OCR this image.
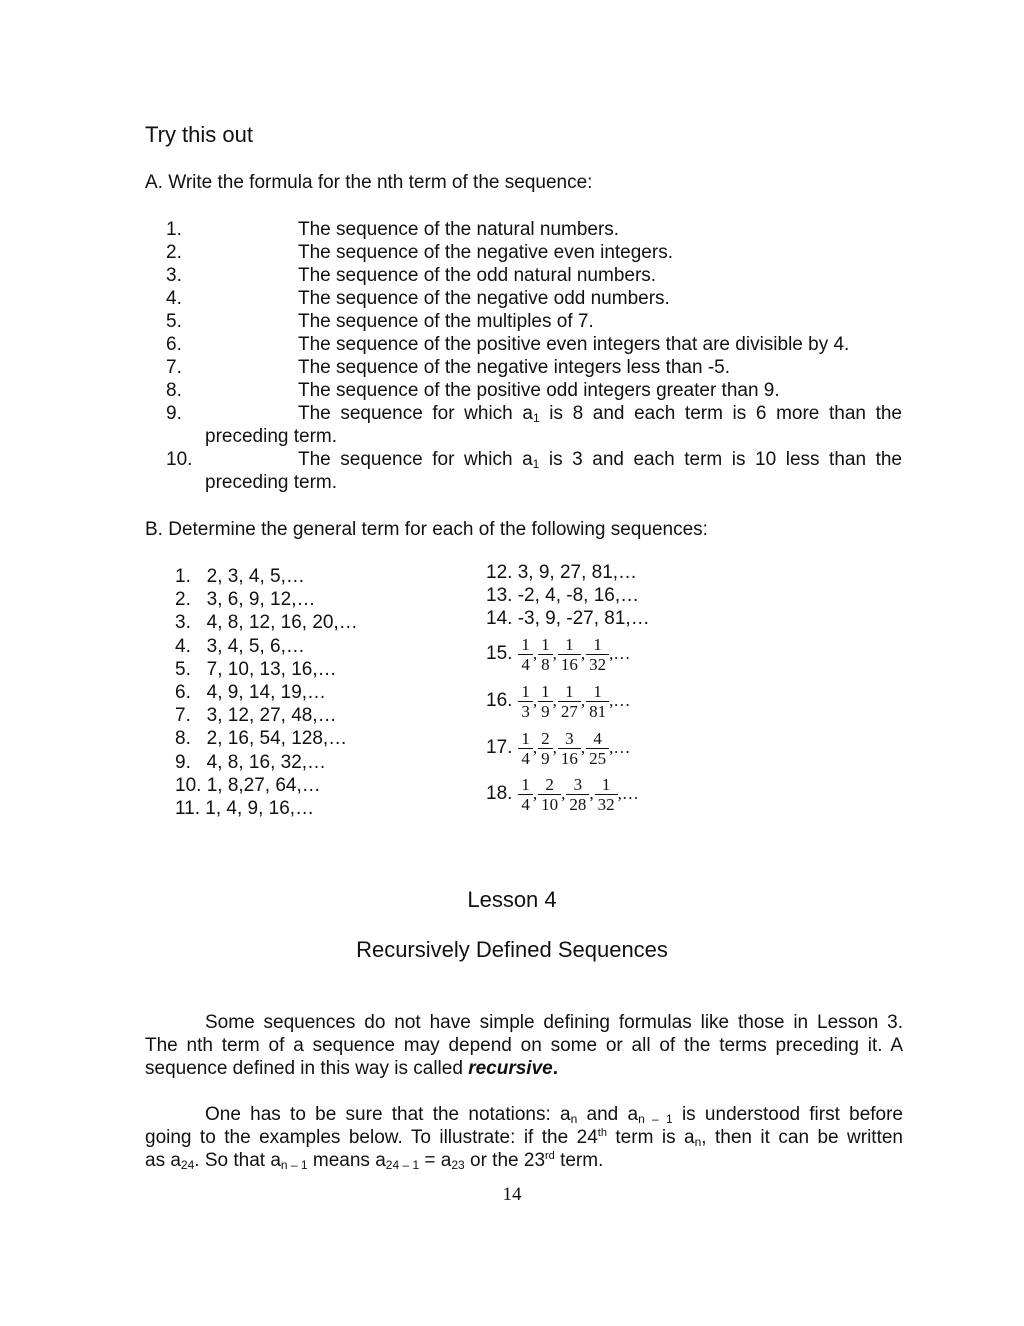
Try this out
A. Write the formula for the nth term of the sequence:
1.	The sequence of the natural numbers.
2.	The sequence of the negative even integers.
3.	The sequence of the odd natural numbers.
4.	The sequence of the negative odd numbers.
5.	The sequence of the multiples of 7.
6.	The sequence of the positive even integers that are divisible by 4.
7.	The sequence of the negative integers less than -5.
8.	The sequence of the positive odd integers greater than 9.
9.	The sequence for which $a_1$ is 8 and each term is 6 more than the
preceding term.
10.	The sequence for which $a_1$ is 3 and each term is 10 less than the
preceding term.
B. Determine the general term for each of the following sequences:
1.   2, 3, 4, 5,…
2.   3, 6, 9, 12,…
3.   4, 8, 12, 16, 20,…
4.   3, 4, 5, 6,…
5.   7, 10, 13, 16,…
6.   4, 9, 14, 19,…
7.   3, 12, 27, 48,…
8.   2, 16, 54, 128,…
9.   4, 8, 16, 32,…
10. 1, 8,27, 64,…
11. 1, 4, 9, 16,…
12. 3, 9, 27, 81,…
13. -2, 4, -8, 16,…
14. -3, 9, -27, 81,…
15. $\frac{1}{4}$ , $\frac{1}{8}$ , $\frac{1}{16}$ , $\frac{1}{32}$ ,…
16. $\frac{1}{3}$ , $\frac{1}{9}$ , $\frac{1}{27}$ , $\frac{1}{81}$ ,…
17. $\frac{1}{4}$ , $\frac{2}{9}$ , $\frac{3}{16}$ , $\frac{4}{25}$ ,…
18. $\frac{1}{4}$ , $\frac{2}{10}$ , $\frac{3}{28}$ , $\frac{1}{32}$ ,…
Lesson 4
Recursively Defined Sequences
Some sequences do not have simple defining formulas like those in Lesson 3.
The nth term of a sequence may depend on some or all of the terms preceding it. A
sequence defined in this way is called recursive.
One has to be sure that the notations: $a_n$ and $a_{n - 1}$ is understood first before
going to the examples below. To illustrate: if the 24th term is $a_n$, then it can be written
as $a_{24}$. So that $a_{n - 1}$ means $a_{24 - 1} = a_{23}$ or the 23rd term.
14
